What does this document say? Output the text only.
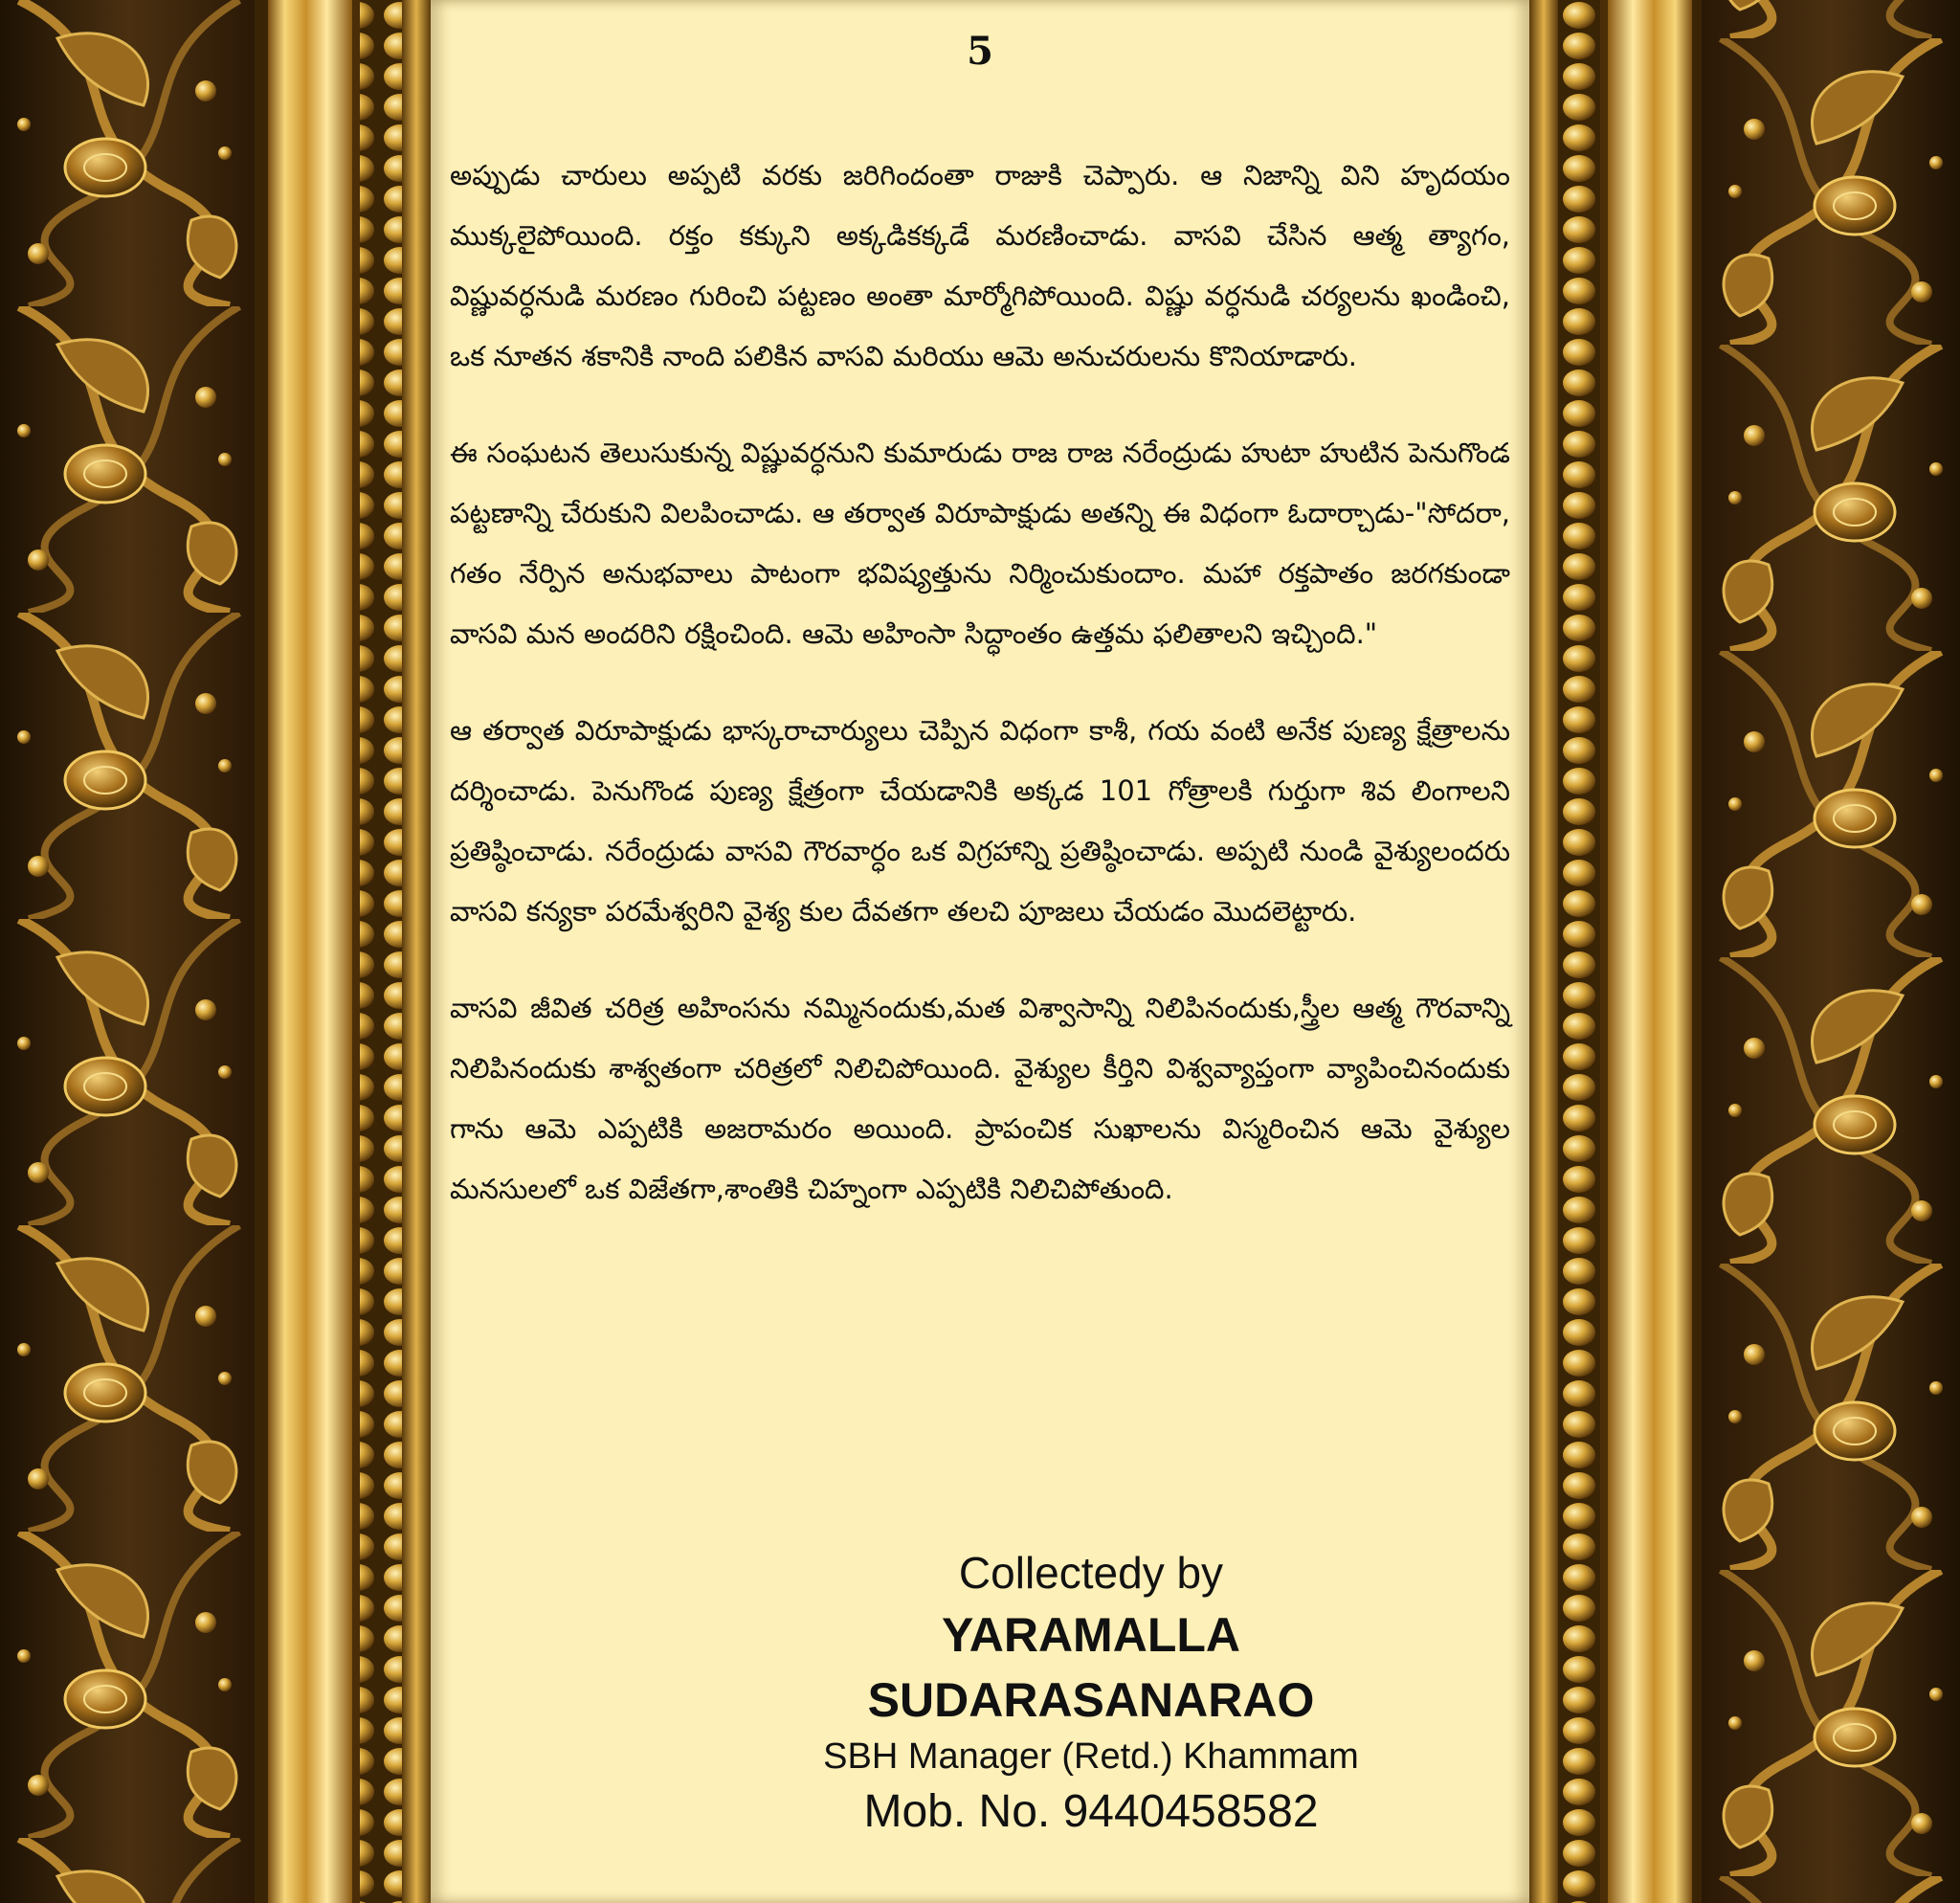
5

అప్పుడు చారులు అప్పటి వరకు జరిగిందంతా రాజుకి చెప్పారు. ఆ నిజాన్ని విని హృదయం ముక్కలైపోయింది. రక్తం కక్కుని అక్కడికక్కడే మరణించాడు. వాసవి చేసిన ఆత్మ త్యాగం, విష్ణువర్ధనుడి మరణం గురించి పట్టణం అంతా మార్మోగిపోయింది. విష్ణు వర్ధనుడి చర్యలను ఖండించి, ఒక నూతన శకానికి నాంది పలికిన వాసవి మరియు ఆమె అనుచరులను కొనియాడారు.

ఈ సంఘటన తెలుసుకున్న విష్ణువర్ధనుని కుమారుడు రాజ రాజ నరేంద్రుడు హుటా హుటిన పెనుగొండ పట్టణాన్ని చేరుకుని విలపించాడు. ఆ తర్వాత విరూపాక్షుడు అతన్ని ఈ విధంగా ఓదార్చాడు-"సోదరా, గతం నేర్పిన అనుభవాలు పాటంగా భవిష్యత్తును నిర్మించుకుందాం. మహా రక్తపాతం జరగకుండా వాసవి మన అందరిని రక్షించింది. ఆమె అహింసా సిద్ధాంతం ఉత్తమ ఫలితాలని ఇచ్చింది."

ఆ తర్వాత విరూపాక్షుడు భాస్కరాచార్యులు చెప్పిన విధంగా కాశీ, గయ వంటి అనేక పుణ్య క్షేత్రాలను దర్శించాడు. పెనుగొండ పుణ్య క్షేత్రంగా చేయడానికి అక్కడ 101 గోత్రాలకి గుర్తుగా శివ లింగాలని ప్రతిష్ఠించాడు. నరేంద్రుడు వాసవి గౌరవార్ధం ఒక విగ్రహాన్ని ప్రతిష్ఠించాడు. అప్పటి నుండి వైశ్యులందరు వాసవి కన్యకా పరమేశ్వరిని వైశ్య కుల దేవతగా తలచి పూజలు చేయడం మొదలెట్టారు.

వాసవి జీవిత చరిత్ర అహింసను నమ్మినందుకు,మత విశ్వాసాన్ని నిలిపినందుకు,స్త్రీల ఆత్మ గౌరవాన్ని నిలిపినందుకు శాశ్వతంగా చరిత్రలో నిలిచిపోయింది. వైశ్యుల కీర్తిని విశ్వవ్యాప్తంగా వ్యాపించినందుకు గాను ఆమె ఎప్పటికి అజరామరం అయింది. ప్రాపంచిక సుఖాలను విస్మరించిన ఆమె వైశ్యుల మనసులలో ఒక విజేతగా,శాంతికి చిహ్నంగా ఎప్పటికి నిలిచిపోతుంది.

Collectedy by
YARAMALLA SUDARASANARAO
SBH Manager (Retd.) Khammam
Mob. No. 9440458582
